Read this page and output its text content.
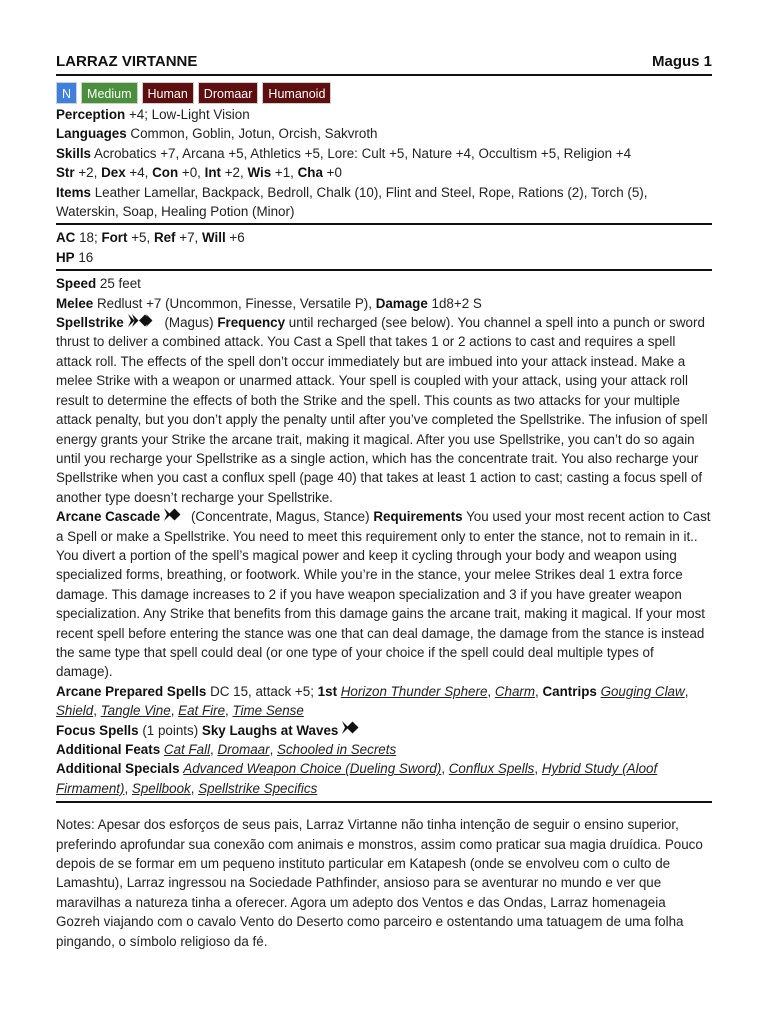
LARRAZ VIRTANNE	Magus 1
N	Medium	Human	Dromaar	Humanoid

Perception +4; Low-Light Vision

Languages Common, Goblin, Jotun, Orcish, Sakvroth

Skills Acrobatics +7, Arcana +5, Athletics +5, Lore: Cult +5, Nature +4, Occultism +5, Religion +4

Str +2, Dex +4, Con +0, Int +2, Wis +1, Cha +0

Items Leather Lamellar, Backpack, Bedroll, Chalk (10), Flint and Steel, Rope, Rations (2), Torch (5), Waterskin, Soap, Healing Potion (Minor)

AC 18; Fort +5, Ref +7, Will +6

HP 16

Speed 25 feet

Melee Redlust +7 (Uncommon, Finesse, Versatile P), Damage 1d8+2 S

Spellstrike	(Magus) Frequency until recharged (see below). You channel a spell into a punch or sword thrust to deliver a combined attack. You Cast a Spell that takes 1 or 2 actions to cast and requires a spell attack roll. The effects of the spell don’t occur immediately but are imbued into your attack instead. Make a melee Strike with a weapon or unarmed attack. Your spell is coupled with your attack, using your attack roll result to determine the effects of both the Strike and the spell. This counts as two attacks for your multiple attack penalty, but you don’t apply the penalty until after you’ve completed the Spellstrike. The infusion of spell energy grants your Strike the arcane trait, making it magical. After you use Spellstrike, you can’t do so again until you recharge your Spellstrike as a single action, which has the concentrate trait. You also recharge your Spellstrike when you cast a conflux spell (page 40) that takes at least 1 action to cast; casting a focus spell of another type doesn’t recharge your Spellstrike.

Arcane Cascade (Concentrate, Magus, Stance) Requirements You used your most recent action to Cast a Spell or make a Spellstrike. You need to meet this requirement only to enter the stance, not to remain in it.. You divert a portion of the spell’s magical power and keep it cycling through your body and weapon using specialized forms, breathing, or footwork. While you’re in the stance, your melee Strikes deal 1 extra force damage. This damage increases to 2 if you have weapon specialization and 3 if you have greater weapon specialization. Any Strike that benefits from this damage gains the arcane trait, making it magical. If your most recent spell before entering the stance was one that can deal damage, the damage from the stance is instead the same type that spell could deal (or one type of your choice if the spell could deal multiple types of damage).

Arcane Prepared Spells DC 15, attack +5; 1st Horizon Thunder Sphere, Charm, Cantrips Gouging Claw, Shield, Tangle Vine, Eat Fire, Time Sense

Focus Spells (1 points) Sky Laughs at Waves

Additional Feats Cat Fall, Dromaar, Schooled in Secrets

Additional Specials Advanced Weapon Choice (Dueling Sword), Conflux Spells, Hybrid Study (Aloof Firmament), Spellbook, Spellstrike Specifics

Notes: Apesar dos esforços de seus pais, Larraz Virtanne não tinha intenção de seguir o ensino superior, preferindo aprofundar sua conexão com animais e monstros, assim como praticar sua magia druídica. Pouco depois de se formar em um pequeno instituto particular em Katapesh (onde se envolveu com o culto de Lamashtu), Larraz ingressou na Sociedade Pathfinder, ansioso para se aventurar no mundo e ver que maravilhas a natureza tinha a oferecer. Agora um adepto dos Ventos e das Ondas, Larraz homenageia Gozreh viajando com o cavalo Vento do Deserto como parceiro e ostentando uma tatuagem de uma folha pingando, o símbolo religioso da fé.
